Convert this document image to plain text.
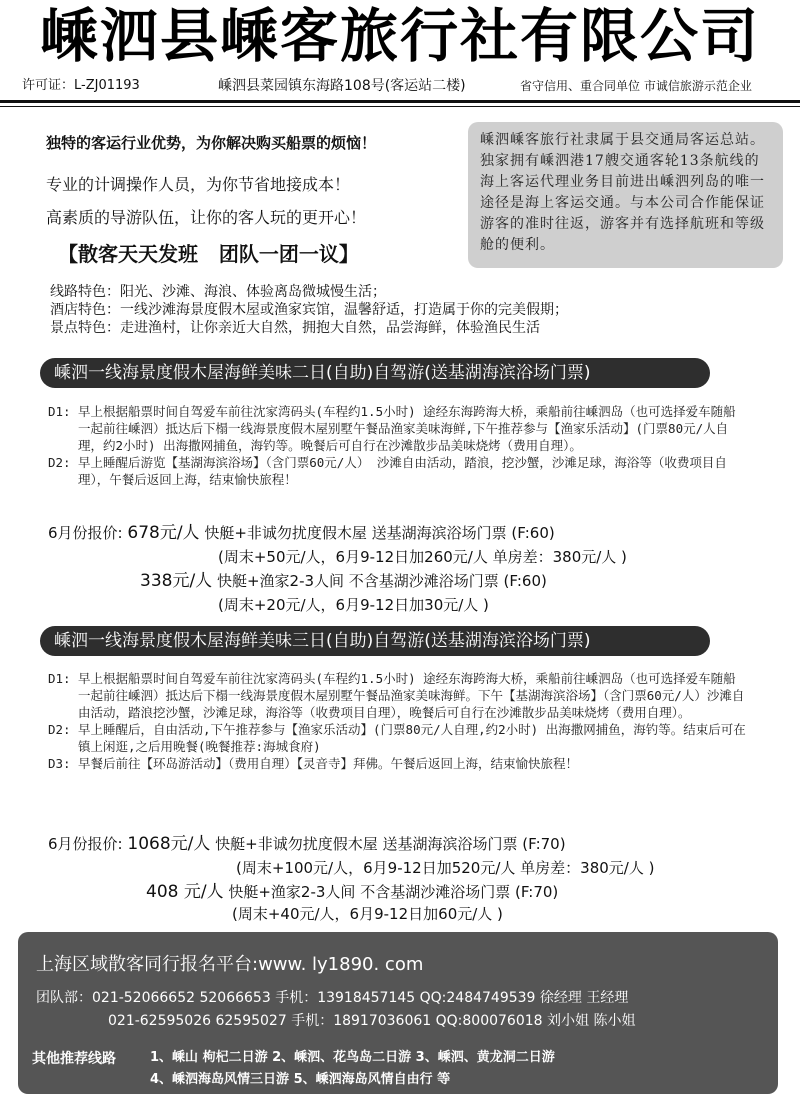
嵊泗县嵊客旅行社有限公司
许可证：L-ZJ01193	嵊泗县菜园镇东海路108号(客运站二楼)	省守信用、重合同单位 市诚信旅游示范企业
独特的客运行业优势，为你解决购买船票的烦恼！
专业的计调操作人员，为你节省地接成本！
高素质的导游队伍，让你的客人玩的更开心！
【散客天天发班   团队一团一议】
嵊泗嵊客旅行社隶属于县交通局客运总站。独家拥有嵊泗港17艘交通客轮13条航线的海上客运代理业务目前进出嵊泗列岛的唯一途径是海上客运交通。与本公司合作能保证游客的准时往返，游客并有选择航班和等级舱的便利。
线路特色：阳光、沙滩、海浪、体验离岛微城慢生活；
酒店特色：一线沙滩海景度假木屋或渔家宾馆，温馨舒适，打造属于你的完美假期；
景点特色：走进渔村，让你亲近大自然，拥抱大自然，品尝海鲜，体验渔民生活
嵊泗一线海景度假木屋海鲜美味二日(自助)自驾游(送基湖海滨浴场门票)
D1: 早上根据船票时间自驾爱车前往沈家湾码头(车程约1.5小时) 途经东海跨海大桥，乘船前往嵊泗岛（也可选择爱车随船一起前往嵊泗）抵达后下榻一线海景度假木屋别墅午餐品渔家美味海鲜,下午推荐参与【渔家乐活动】(门票80元/人自理，约2小时) 出海撒网捕鱼，海钓等。晚餐后可自行在沙滩散步品美味烧烤（费用自理）。
D2: 早上睡醒后游览【基湖海滨浴场】（含门票60元/人） 沙滩自由活动，踏浪，挖沙蟹，沙滩足球，海浴等（收费项目自理），午餐后返回上海，结束愉快旅程！
6月份报价: 678元/人 快艇+非诚勿扰度假木屋 送基湖海滨浴场门票 (F:60)
(周末+50元/人，6月9-12日加260元/人 单房差：380元/人 )
338元/人 快艇+渔家2-3人间 不含基湖沙滩浴场门票 (F:60)
(周末+20元/人，6月9-12日加30元/人 )
嵊泗一线海景度假木屋海鲜美味三日(自助)自驾游(送基湖海滨浴场门票)
D1: 早上根据船票时间自驾爱车前往沈家湾码头(车程约1.5小时) 途经东海跨海大桥，乘船前往嵊泗岛（也可选择爱车随船一起前往嵊泗）抵达后下榻一线海景度假木屋别墅午餐品渔家美味海鲜。下午【基湖海滨浴场】（含门票60元/人）沙滩自由活动，踏浪挖沙蟹，沙滩足球，海浴等（收费项目自理），晚餐后可自行在沙滩散步品美味烧烤（费用自理）。
D2: 早上睡醒后，自由活动,下午推荐参与【渔家乐活动】(门票80元/人自理,约2小时) 出海撒网捕鱼，海钓等。结束后可在镇上闲逛,之后用晚餐(晚餐推荐:海城食府)
D3: 早餐后前往【环岛游活动】（费用自理）【灵音寺】拜佛。午餐后返回上海，结束愉快旅程！
6月份报价: 1068元/人 快艇+非诚勿扰度假木屋 送基湖海滨浴场门票 (F:70)
(周末+100元/人，6月9-12日加520元/人 单房差：380元/人 )
408 元/人 快艇+渔家2-3人间 不含基湖沙滩浴场门票 (F:70)
(周末+40元/人，6月9-12日加60元/人 )
上海区域散客同行报名平台:www. ly1890. com
团队部：021-52066652 52066653 手机：13918457145 QQ:2484749539 徐经理 王经理
021-62595026 62595027 手机：18917036061 QQ:800076018 刘小姐 陈小姐
其他推荐线路	1、嵊山 枸杞二日游 2、嵊泗、花鸟岛二日游 3、嵊泗、黄龙洞二日游
4、嵊泗海岛风情三日游 5、嵊泗海岛风情自由行 等
